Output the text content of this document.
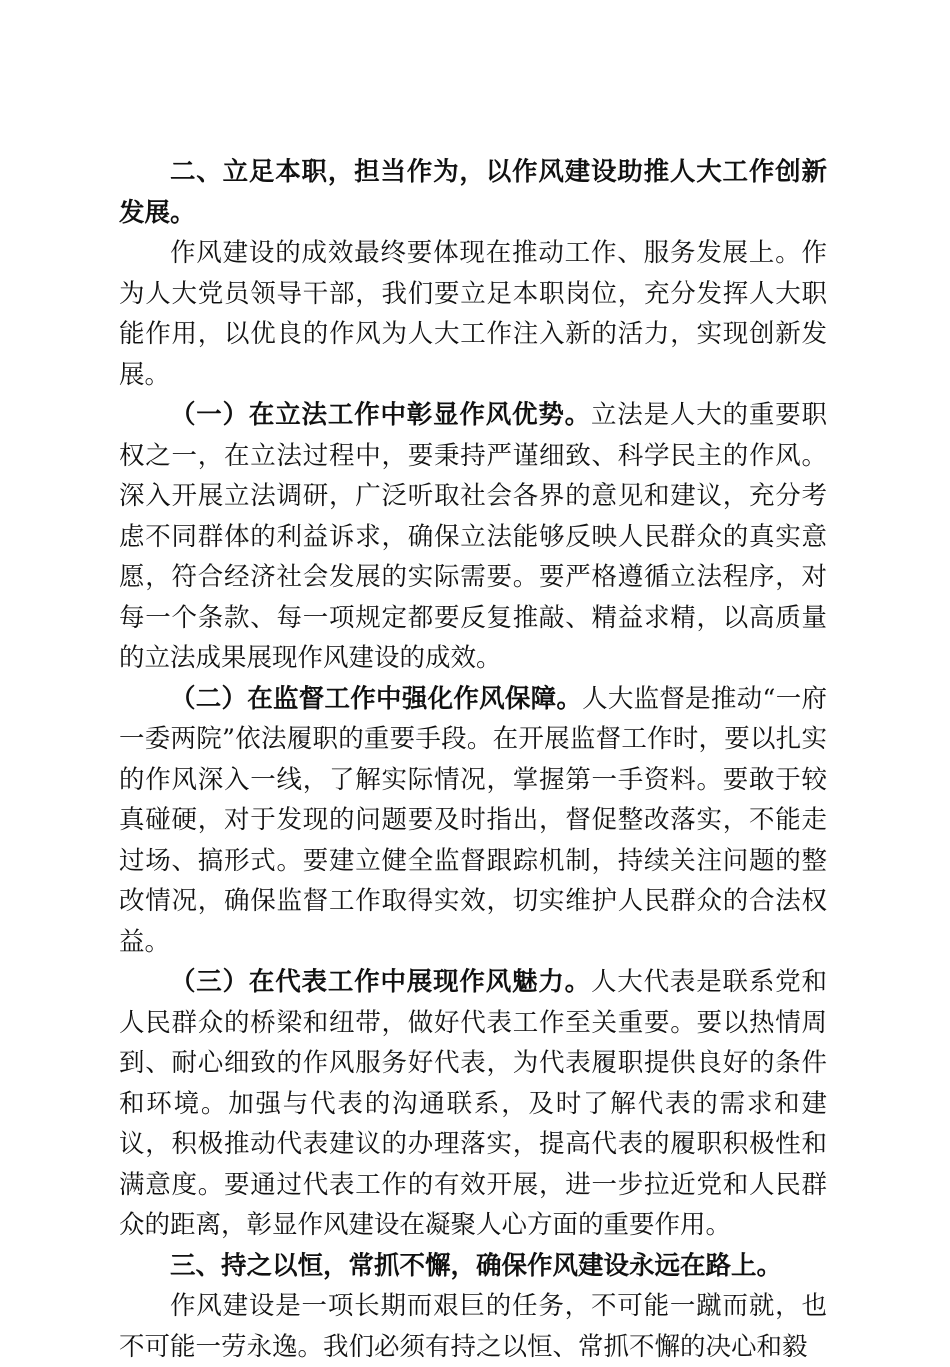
二、立足本职，担当作为，以作风建设助推人大工作创新发展。

作风建设的成效最终要体现在推动工作、服务发展上。作为人大党员领导干部，我们要立足本职岗位，充分发挥人大职能作用，以优良的作风为人大工作注入新的活力，实现创新发展。

（一）在立法工作中彰显作风优势。立法是人大的重要职权之一，在立法过程中，要秉持严谨细致、科学民主的作风。深入开展立法调研，广泛听取社会各界的意见和建议，充分考虑不同群体的利益诉求，确保立法能够反映人民群众的真实意愿，符合经济社会发展的实际需要。要严格遵循立法程序，对每一个条款、每一项规定都要反复推敲、精益求精，以高质量的立法成果展现作风建设的成效。

（二）在监督工作中强化作风保障。人大监督是推动“一府一委两院”依法履职的重要手段。在开展监督工作时，要以扎实的作风深入一线，了解实际情况，掌握第一手资料。要敢于较真碰硬，对于发现的问题要及时指出，督促整改落实，不能走过场、搞形式。要建立健全监督跟踪机制，持续关注问题的整改情况，确保监督工作取得实效，切实维护人民群众的合法权益。

（三）在代表工作中展现作风魅力。人大代表是联系党和人民群众的桥梁和纽带，做好代表工作至关重要。要以热情周到、耐心细致的作风服务好代表，为代表履职提供良好的条件和环境。加强与代表的沟通联系，及时了解代表的需求和建议，积极推动代表建议的办理落实，提高代表的履职积极性和满意度。要通过代表工作的有效开展，进一步拉近党和人民群众的距离，彰显作风建设在凝聚人心方面的重要作用。

三、持之以恒，常抓不懈，确保作风建设永远在路上。

作风建设是一项长期而艰巨的任务，不可能一蹴而就，也不可能一劳永逸。我们必须有持之以恒、常抓不懈的决心和毅
